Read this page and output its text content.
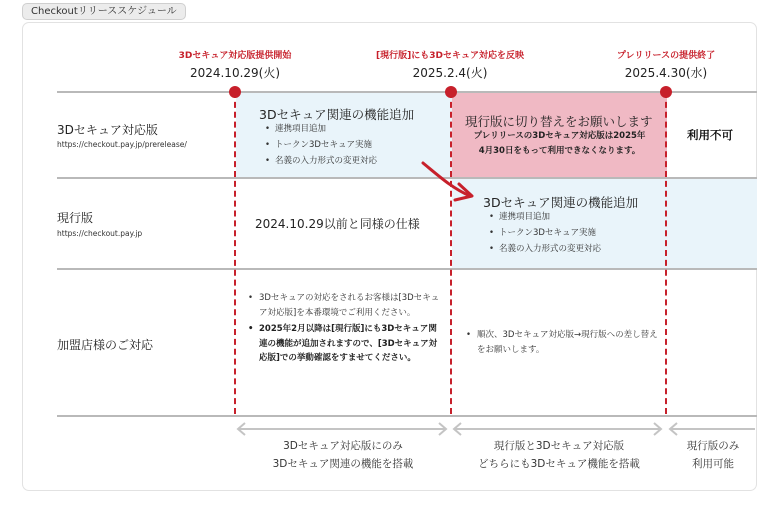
Checkoutリリーススケジュール
3Dセキュア対応版提供開始
2024.10.29(火)
[現行版]にも3Dセキュア対応を反映
2025.2.4(火)
プレリリースの提供終了
2025.4.30(水)
3Dセキュア対応版
https://checkout.pay.jp/prerelease/
現行版
https://checkout.pay.jp
加盟店様のご対応
3Dセキュア関連の機能追加
• 連携項目追加
• トークン3Dセキュア実施
• 名義の入力形式の変更対応
現行版に切り替えをお願いします
プレリリースの3Dセキュア対応版は2025年
4月30日をもって利用できなくなります。
利用不可
2024.10.29以前と同様の仕様
3Dセキュア関連の機能追加
• 連携項目追加
• トークン3Dセキュア実施
• 名義の入力形式の変更対応
• 3Dセキュアの対応をされるお客様は[3Dセキュア対応版]を本番環境でご利用ください。
• 2025年2月以降は[現行版]にも3Dセキュア関連の機能が追加されますので、[3Dセキュア対応版]での挙動確認をすませてください。
• 順次、3Dセキュア対応版→現行版への差し替えをお願いします。
3Dセキュア対応版にのみ
3Dセキュア関連の機能を搭載
現行版と3Dセキュア対応版
どちらにも3Dセキュア機能を搭載
現行版のみ
利用可能
